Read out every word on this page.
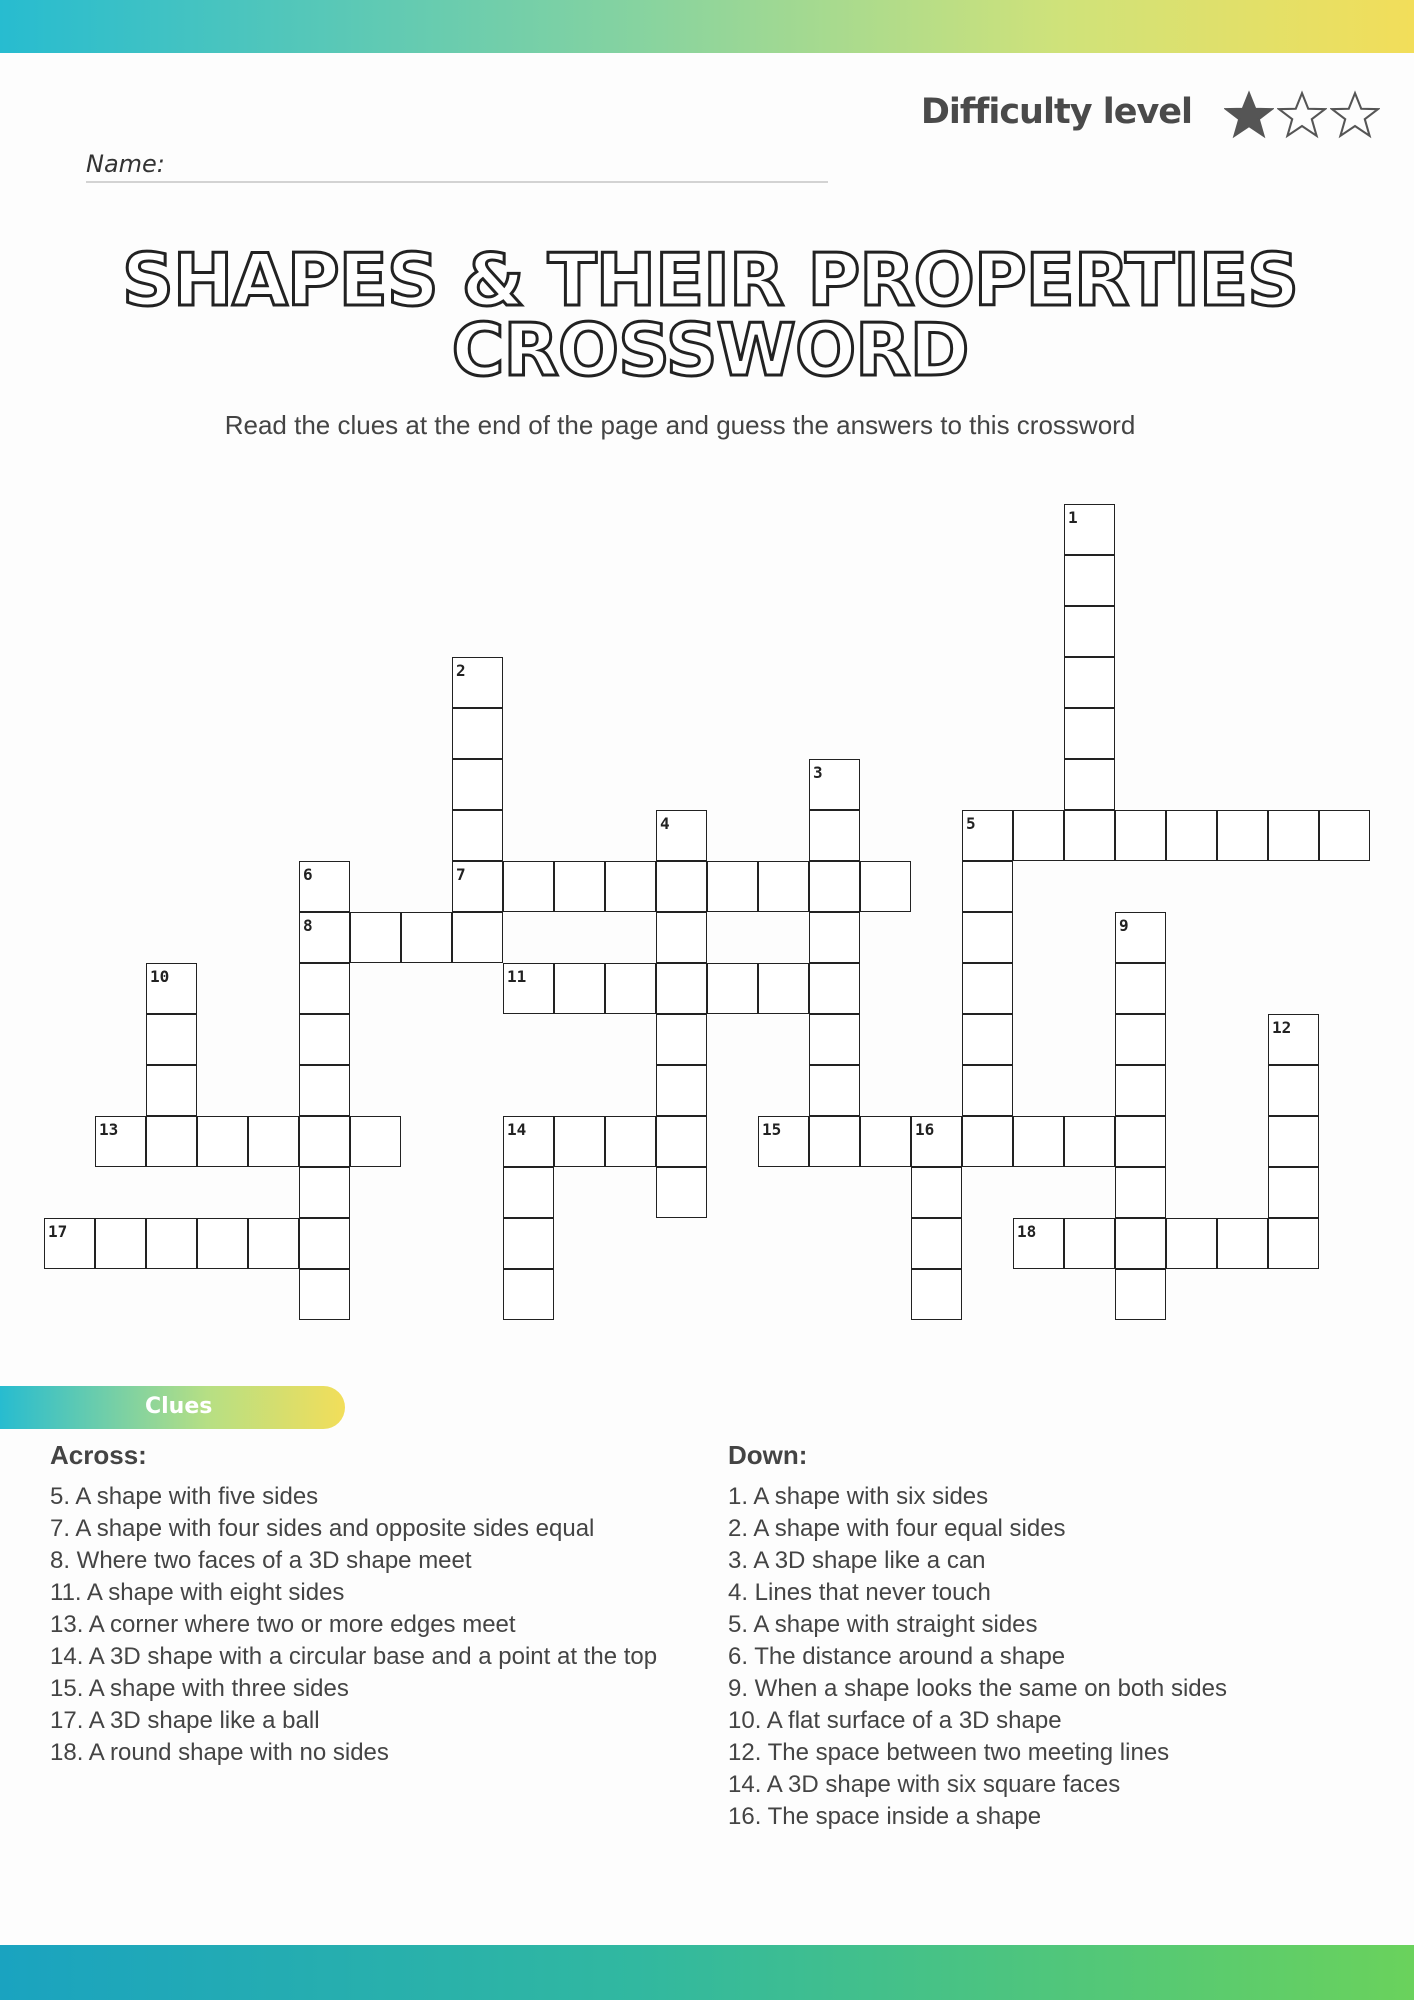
Difficulty level
Name:
SHAPES & THEIR PROPERTIES
CROSSWORD
Read the clues at the end of the page and guess the answers to this crossword
1
2
7
3
4	5
6
8	9
10	11
12
13	14	15	16
17	18
Clues
Across:
5. A shape with five sides
7. A shape with four sides and opposite sides equal
8. Where two faces of a 3D shape meet
11. A shape with eight sides
13. A corner where two or more edges meet
14. A 3D shape with a circular base and a point at the top
15. A shape with three sides
17. A 3D shape like a ball
18. A round shape with no sides
Down:
1. A shape with six sides
2. A shape with four equal sides
3. A 3D shape like a can
4. Lines that never touch
5. A shape with straight sides
6. The distance around a shape
9. When a shape looks the same on both sides
10. A flat surface of a 3D shape
12. The space between two meeting lines
14. A 3D shape with six square faces
16. The space inside a shape
